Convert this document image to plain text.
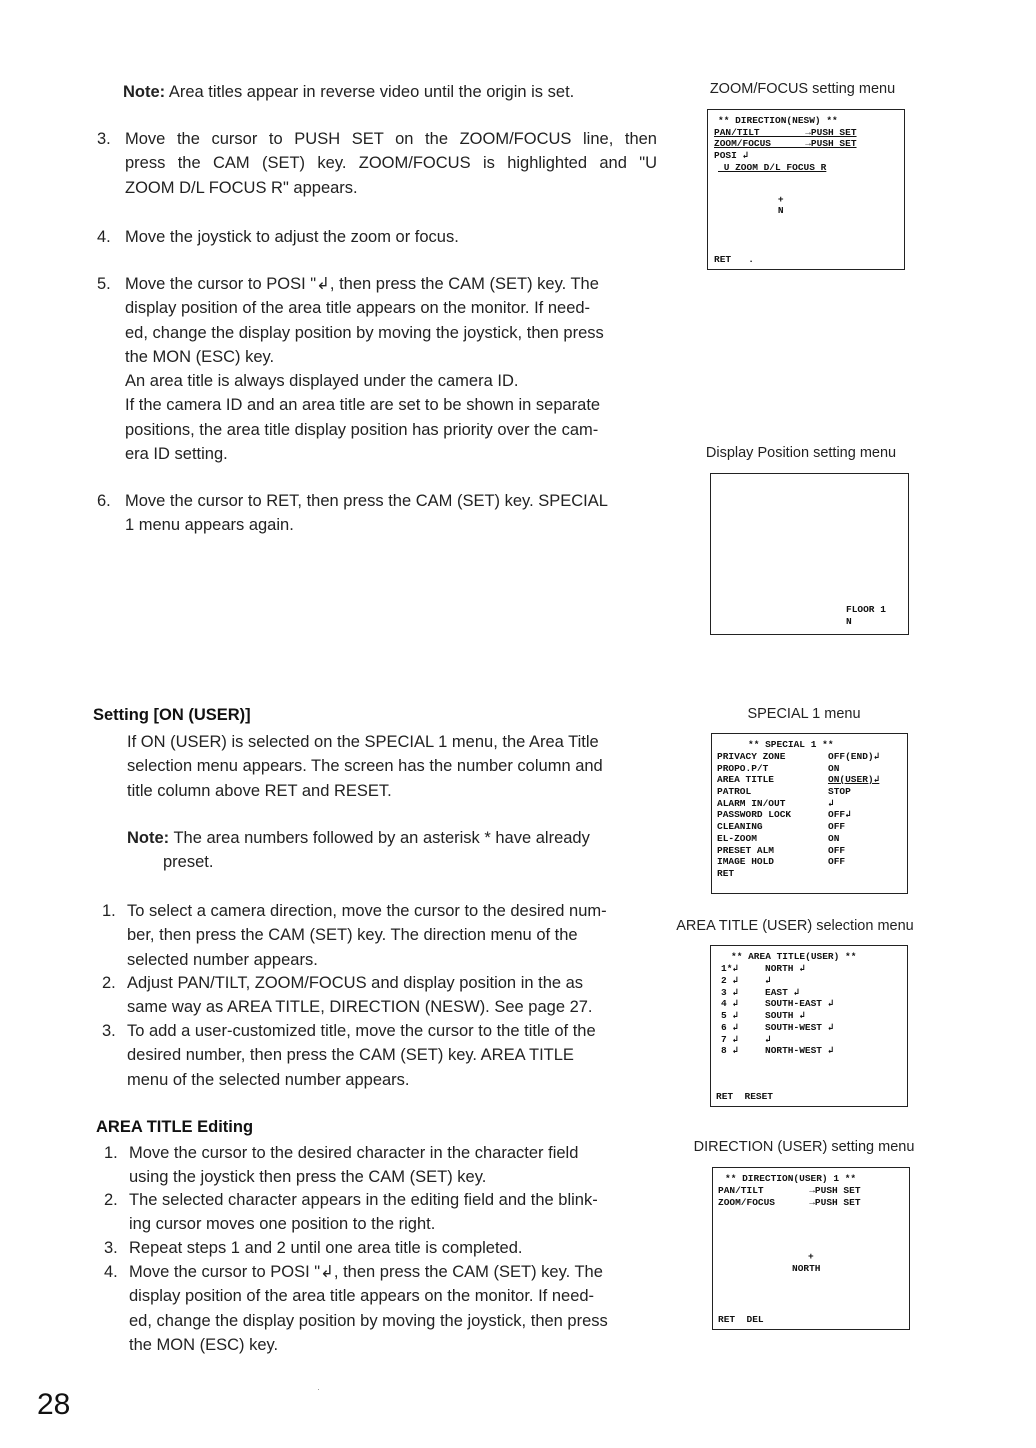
Note: Area titles appear in reverse video until the origin is set.
3. Move the cursor to PUSH SET on the ZOOM/FOCUS line, then
press the CAM (SET) key. ZOOM/FOCUS is highlighted and "U
ZOOM D/L FOCUS R" appears.
4. Move the joystick to adjust the zoom or focus.
5. Move the cursor to POSI "↲, then press the CAM (SET) key. The
display position of the area title appears on the monitor. If need-
ed, change the display position by moving the joystick, then press
the MON (ESC) key.
An area title is always displayed under the camera ID.
If the camera ID and an area title are set to be shown in separate
positions, the area title display position has priority over the cam-
era ID setting.
6. Move the cursor to RET, then press the CAM (SET) key. SPECIAL
1 menu appears again.
Setting [ON (USER)]
If ON (USER) is selected on the SPECIAL 1 menu, the Area Title
selection menu appears. The screen has the number column and
title column above RET and RESET.
Note: The area numbers followed by an asterisk * have already
preset.
1. To select a camera direction, move the cursor to the desired num-
ber, then press the CAM (SET) key. The direction menu of the
selected number appears.
2. Adjust PAN/TILT, ZOOM/FOCUS and display position in the as
same way as AREA TITLE, DIRECTION (NESW). See page 27.
3. To add a user-customized title, move the cursor to the title of the
desired number, then press the CAM (SET) key. AREA TITLE
menu of the selected number appears.
AREA TITLE Editing
1. Move the cursor to the desired character in the character field
using the joystick then press the CAM (SET) key.
2. The selected character appears in the editing field and the blink-
ing cursor moves one position to the right.
3. Repeat steps 1 and 2 until one area title is completed.
4. Move the cursor to POSI "↲, then press the CAM (SET) key. The
display position of the area title appears on the monitor. If need-
ed, change the display position by moving the joystick, then press
the MON (ESC) key.
28
ZOOM/FOCUS setting menu
** DIRECTION(NESW) **
PAN/TILT        →PUSH SET
ZOOM/FOCUS      →PUSH SET
POSI ↲
U ZOOM D/L FOCUS R
+
N
RET   .
Display Position setting menu
FLOOR 1
N
SPECIAL 1 menu
** SPECIAL 1 **
PRIVACY ZONE	OFF(END)↲
PROPO.P/T	ON
AREA TITLE	ON(USER)↲
PATROL	STOP
ALARM IN/OUT	↲
PASSWORD LOCK	OFF↲
CLEANING	OFF
EL-ZOOM	ON
PRESET ALM	OFF
IMAGE HOLD	OFF
RET
AREA TITLE (USER) selection menu
** AREA TITLE(USER) **
1*↲	NORTH ↲
2 ↲	↲
3 ↲	EAST ↲
4 ↲	SOUTH-EAST ↲
5 ↲	SOUTH ↲
6 ↲	SOUTH-WEST ↲
7 ↲	↲
8 ↲	NORTH-WEST ↲
RET  RESET
DIRECTION (USER) setting menu
** DIRECTION(USER) 1 **
PAN/TILT        →PUSH SET
ZOOM/FOCUS      →PUSH SET
+
NORTH
RET  DEL
